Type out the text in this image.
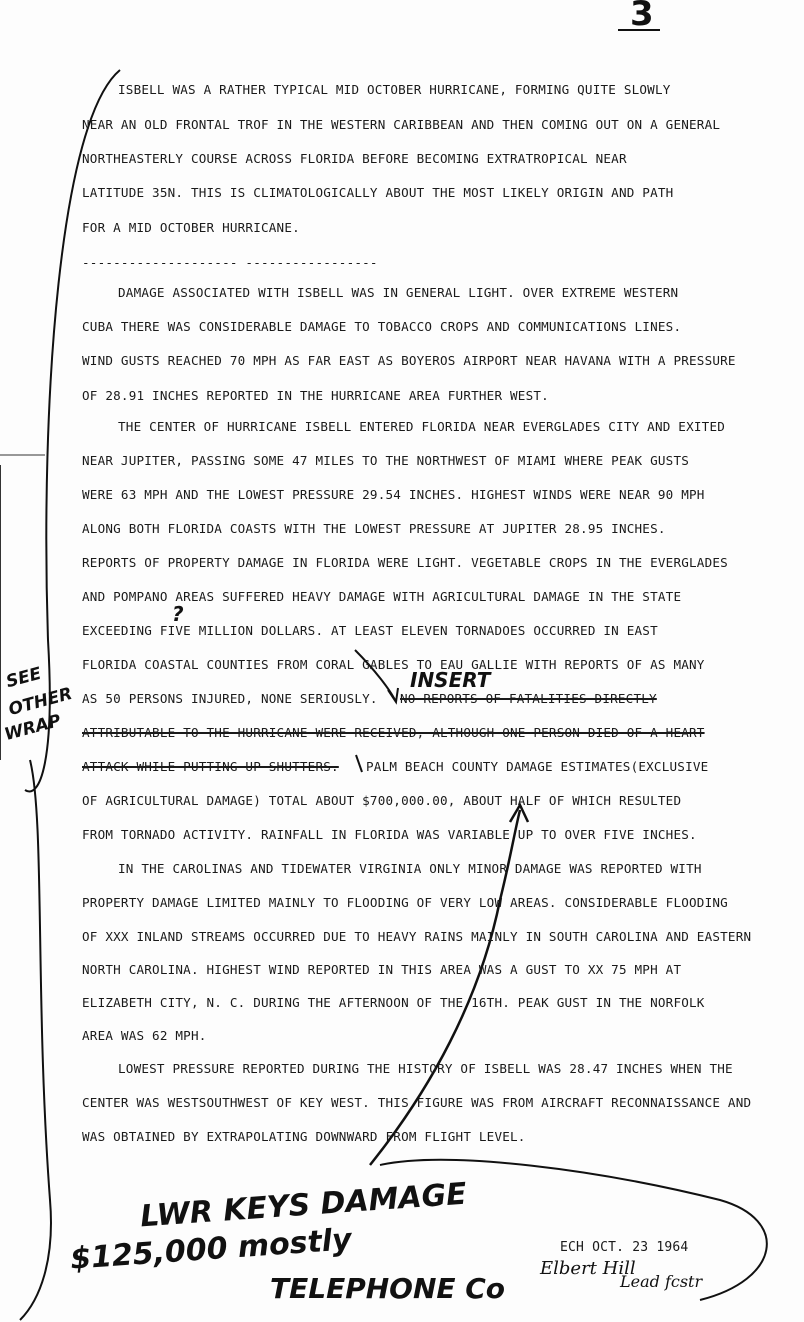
3
ISBELL WAS A RATHER TYPICAL MID OCTOBER HURRICANE, FORMING QUITE SLOWLY
NEAR AN OLD FRONTAL TROF IN THE WESTERN CARIBBEAN AND THEN COMING OUT ON A GENERAL
NORTHEASTERLY COURSE ACROSS FLORIDA BEFORE BECOMING EXTRATROPICAL NEAR
LATITUDE 35N. THIS IS CLIMATOLOGICALLY ABOUT THE MOST LIKELY ORIGIN AND PATH
FOR A MID OCTOBER HURRICANE.
-------------------- -----------------
DAMAGE ASSOCIATED WITH ISBELL WAS IN GENERAL LIGHT. OVER EXTREME WESTERN
CUBA THERE WAS CONSIDERABLE DAMAGE TO TOBACCO CROPS AND COMMUNICATIONS LINES.
WIND GUSTS REACHED 70 MPH AS FAR EAST AS BOYEROS AIRPORT NEAR HAVANA WITH A PRESSURE
OF 28.91 INCHES REPORTED IN THE HURRICANE AREA FURTHER WEST.
THE CENTER OF HURRICANE ISBELL ENTERED FLORIDA NEAR EVERGLADES CITY AND EXITED
NEAR JUPITER, PASSING SOME 47 MILES TO THE NORTHWEST OF MIAMI WHERE PEAK GUSTS
WERE 63 MPH AND THE LOWEST PRESSURE 29.54 INCHES. HIGHEST WINDS WERE NEAR 90 MPH
ALONG BOTH FLORIDA COASTS WITH THE LOWEST PRESSURE AT JUPITER 28.95 INCHES.
REPORTS OF PROPERTY DAMAGE IN FLORIDA WERE LIGHT. VEGETABLE CROPS IN THE EVERGLADES
AND POMPANO AREAS SUFFERED HEAVY DAMAGE WITH AGRICULTURAL DAMAGE IN THE STATE
EXCEEDING FIVE MILLION DOLLARS. AT LEAST ELEVEN TORNADOES OCCURRED IN EAST
FLORIDA COASTAL COUNTIES FROM CORAL GABLES TO EAU GALLIE WITH REPORTS OF AS MANY
AS 50 PERSONS INJURED, NONE SERIOUSLY. NO REPORTS OF FATALITIES DIRECTLY
ATTRIBUTABLE TO THE HURRICANE WERE RECEIVED, ALTHOUGH ONE PERSON DIED OF A HEART
ATTACK WHILE PUTTING UP SHUTTERS. PALM BEACH COUNTY DAMAGE ESTIMATES(EXCLUSIVE
OF AGRICULTURAL DAMAGE) TOTAL ABOUT $700,000.00, ABOUT HALF OF WHICH RESULTED
FROM TORNADO ACTIVITY. RAINFALL IN FLORIDA WAS VARIABLE UP TO OVER FIVE INCHES.
IN THE CAROLINAS AND TIDEWATER VIRGINIA ONLY MINOR DAMAGE WAS REPORTED WITH
PROPERTY DAMAGE LIMITED MAINLY TO FLOODING OF VERY LOW AREAS. CONSIDERABLE FLOODING
OF XXX INLAND STREAMS OCCURRED DUE TO HEAVY RAINS MAINLY IN SOUTH CAROLINA AND EASTERN
NORTH CAROLINA. HIGHEST WIND REPORTED IN THIS AREA WAS A GUST TO XX 75 MPH AT
ELIZABETH CITY, N. C. DURING THE AFTERNOON OF THE 16TH. PEAK GUST IN THE NORFOLK
AREA WAS 62 MPH.
LOWEST PRESSURE REPORTED DURING THE HISTORY OF ISBELL WAS 28.47 INCHES WHEN THE
CENTER WAS WESTSOUTHWEST OF KEY WEST. THIS FIGURE WAS FROM AIRCRAFT RECONNAISSANCE AND
WAS OBTAINED BY EXTRAPOLATING DOWNWARD FROM FLIGHT LEVEL.
INSERT
?
SEE
OTHER
WRAP
LWR KEYS DAMAGE
$125,000 mostly
TELEPHONE Co
ECH OCT. 23 1964
Elbert Hill
Lead fcstr
